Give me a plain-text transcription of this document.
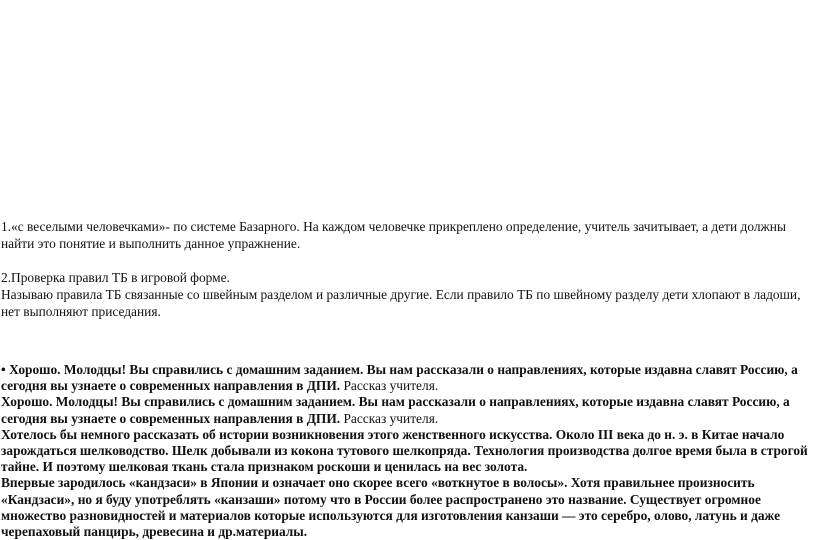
1.«с веселыми человечками»- по системе Базарного. На каждом человечке прикреплено определение, учитель зачитывает, а дети должны найти это понятие и выполнить данное упражнение.

2.Проверка правил ТБ в игровой форме.

Называю правила ТБ связанные со швейным разделом и различные другие. Если правило ТБ по швейному разделу дети хлопают в ладоши, нет выполняют приседания.

• Хорошо. Молодцы! Вы справились с домашним заданием. Вы нам рассказали о направлениях, которые издавна славят Россию, а сегодня вы узнаете о современных направления в ДПИ. Рассказ учителя.

Хорошо. Молодцы! Вы справились с домашним заданием. Вы нам рассказали о направлениях, которые издавна славят Россию, а сегодня вы узнаете о современных направления в ДПИ. Рассказ учителя.

Хотелось бы немного рассказать об истории возникновения этого женственного искусства. Около III века до н. э. в Китае начало зарождаться шелководство. Шелк добывали из кокона тутового шелкопряда. Технология производства долгое время была в строгой тайне. И поэтому шелковая ткань стала признаком роскоши и ценилась на вес золота.

Впервые зародилось «кандзаси» в Японии и означает оно скорее всего «воткнутое в волосы». Хотя правильнее произносить «Кандзаси», но я буду употреблять «канзаши» потому что в России более распространено это название. Существует огромное множество разновидностей и материалов которые используются для изготовления канзаши — это серебро, олово, латунь и даже черепаховый панцирь, древесина и др.материалы.
